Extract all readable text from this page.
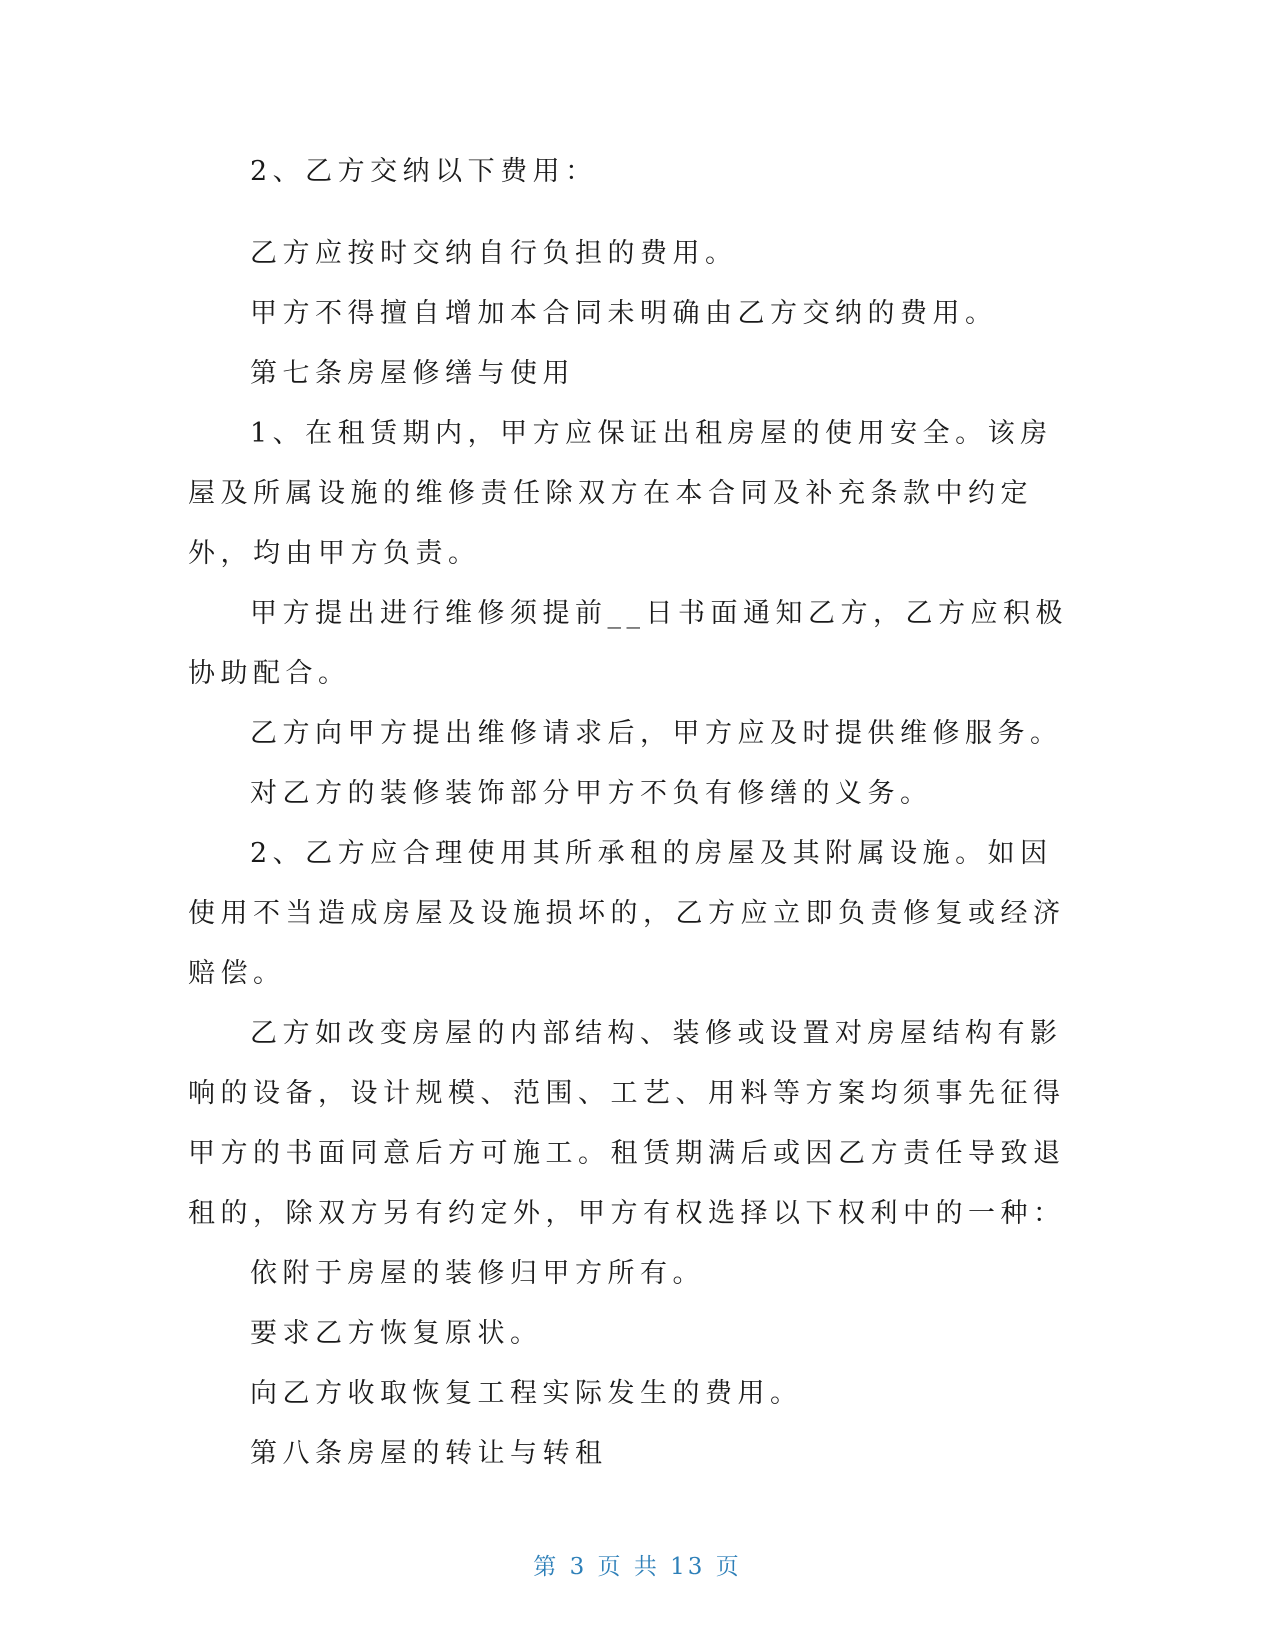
2、乙方交纳以下费用：

乙方应按时交纳自行负担的费用。

甲方不得擅自增加本合同未明确由乙方交纳的费用。

第七条房屋修缮与使用

1、在租赁期内，甲方应保证出租房屋的使用安全。该房屋及所属设施的维修责任除双方在本合同及补充条款中约定外，均由甲方负责。

甲方提出进行维修须提前__日书面通知乙方，乙方应积极协助配合。

乙方向甲方提出维修请求后，甲方应及时提供维修服务。

对乙方的装修装饰部分甲方不负有修缮的义务。

2、乙方应合理使用其所承租的房屋及其附属设施。如因使用不当造成房屋及设施损坏的，乙方应立即负责修复或经济赔偿。

乙方如改变房屋的内部结构、装修或设置对房屋结构有影响的设备，设计规模、范围、工艺、用料等方案均须事先征得甲方的书面同意后方可施工。租赁期满后或因乙方责任导致退租的，除双方另有约定外，甲方有权选择以下权利中的一种：

依附于房屋的装修归甲方所有。

要求乙方恢复原状。

向乙方收取恢复工程实际发生的费用。

第八条房屋的转让与转租

第 3 页 共 13 页
